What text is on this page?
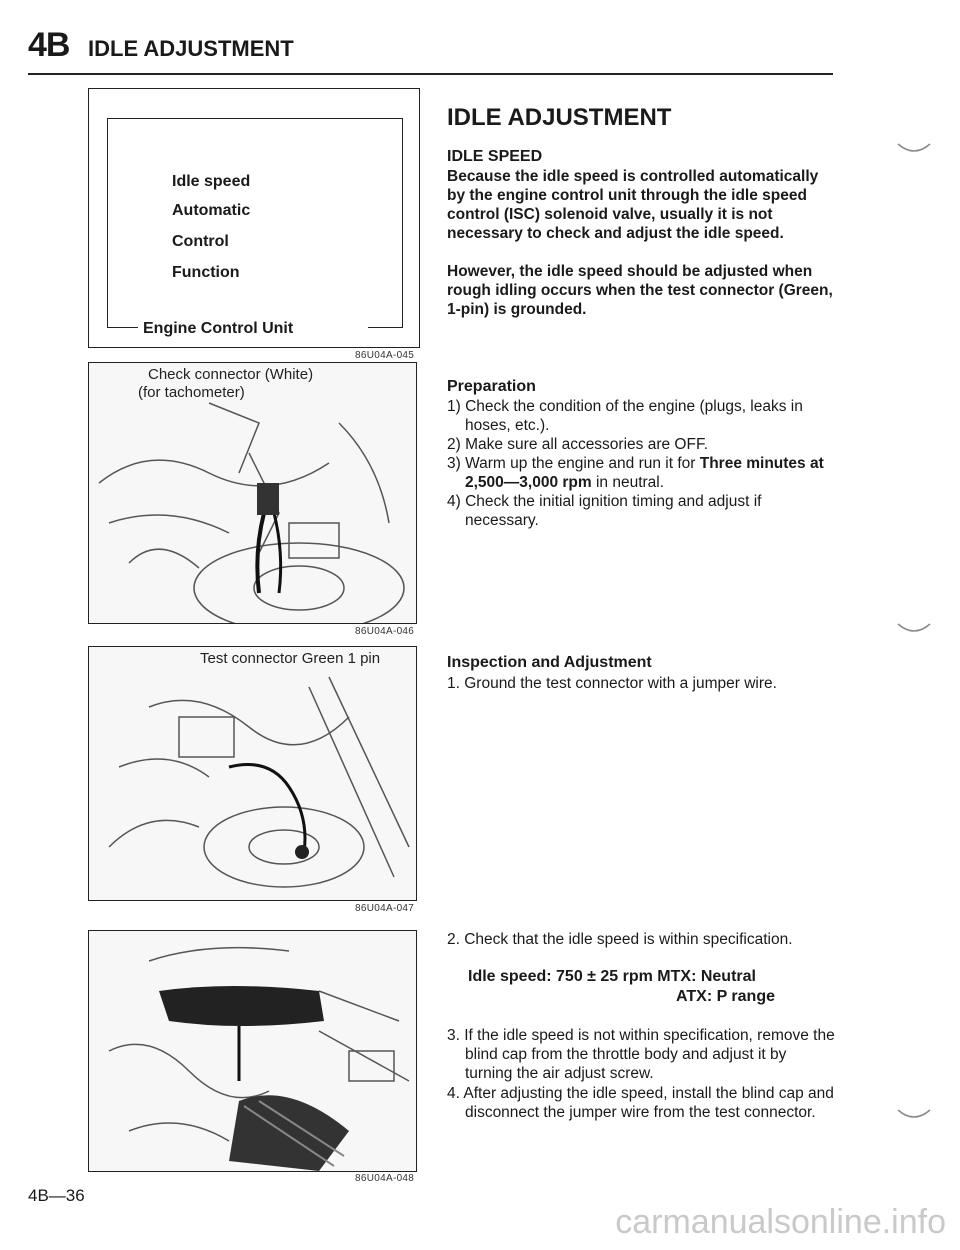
4B IDLE ADJUSTMENT
Idle speed
Automatic
Control
Function
Engine Control Unit
86U04A-045
Check connector (White)
(for tachometer)
86U04A-046
Test connector Green 1 pin
86U04A-047
86U04A-048
IDLE ADJUSTMENT
IDLE SPEED
Because the idle speed is controlled automatically by the engine control unit through the idle speed control (ISC) solenoid valve, usually it is not necessary to check and adjust the idle speed.
However, the idle speed should be adjusted when rough idling occurs when the test connector (Green, 1-pin) is grounded.
Preparation
1) Check the condition of the engine (plugs, leaks in hoses, etc.).
2) Make sure all accessories are OFF.
3) Warm up the engine and run it for Three minutes at 2,500—3,000 rpm in neutral.
4) Check the initial ignition timing and adjust if necessary.
Inspection and Adjustment
1. Ground the test connector with a jumper wire.
2. Check that the idle speed is within specification.
Idle speed: 750 ± 25 rpm MTX: Neutral
ATX: P range
3. If the idle speed is not within specification, remove the blind cap from the throttle body and adjust it by turning the air adjust screw.
4. After adjusting the idle speed, install the blind cap and disconnect the jumper wire from the test connector.
4B—36
carmanualsonline.info
